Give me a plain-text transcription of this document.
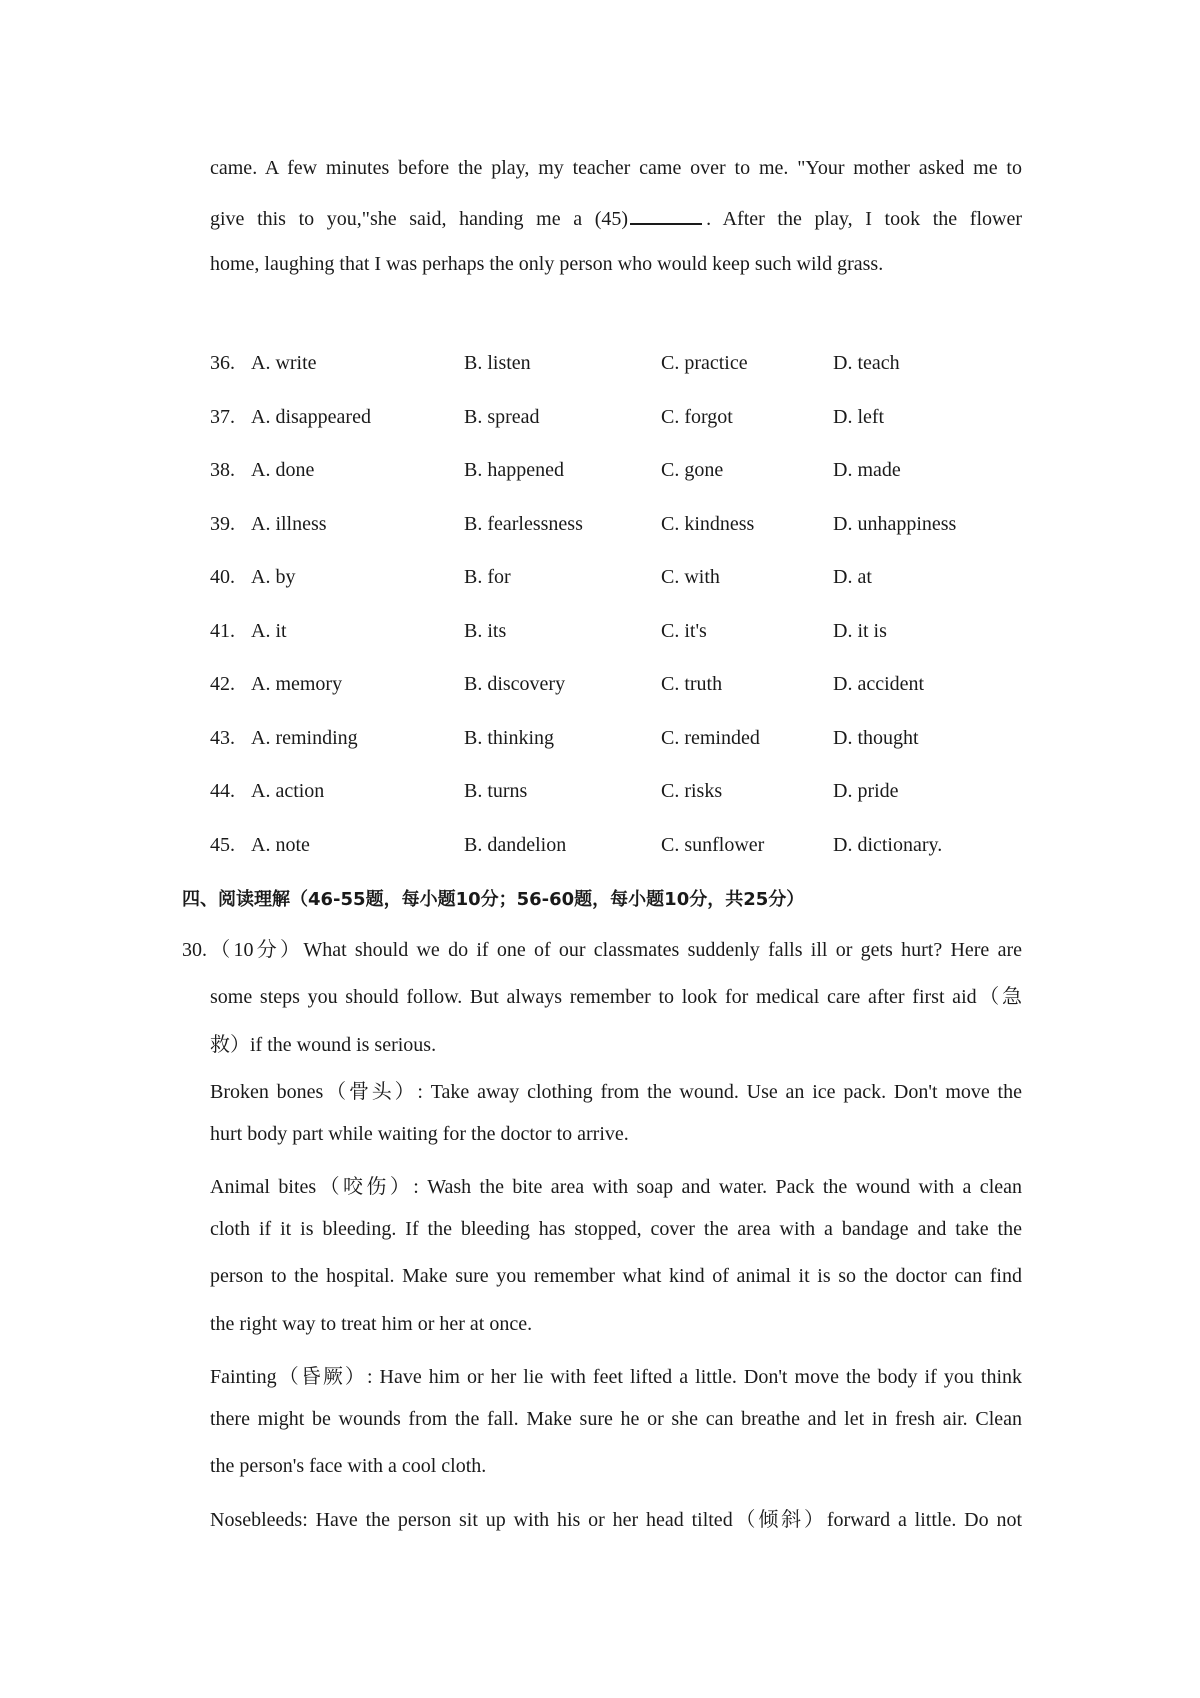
came. A few minutes before the play, my teacher came over to me. "Your mother asked me to
give this to you,"she said, handing me a (45)	. After the play, I took the flower
home, laughing that I was perhaps the only person who would keep such wild grass.
36. A. write	B. listen	C. practice	D. teach
37. A. disappeared	B. spread	C. forgot	D. left
38. A. done	B. happened	C. gone	D. made
39. A. illness	B. fearlessness	C. kindness	D. unhappiness
40. A. by	B. for	C. with	D. at
41. A. it	B. its	C. it's	D. it is
42. A. memory	B. discovery	C. truth	D. accident
43. A. reminding	B. thinking	C. reminded	D. thought
44. A. action	B. turns	C. risks	D. pride
45. A. note	B. dandelion	C. sunflower	D. dictionary.
四、阅读理解（46-55题，每小题10分；56-60题，每小题10分，共25分）
30.（10分）What should we do if one of our classmates suddenly falls ill or gets hurt? Here are
some steps you should follow. But always remember to look for medical care after first aid（急
救）if the wound is serious.
Broken bones（骨头）: Take away clothing from the wound. Use an ice pack. Don't move the
hurt body part while waiting for the doctor to arrive.
Animal bites（咬伤）: Wash the bite area with soap and water. Pack the wound with a clean
cloth if it is bleeding. If the bleeding has stopped, cover the area with a bandage and take the
person to the hospital. Make sure you remember what kind of animal it is so the doctor can find
the right way to treat him or her at once.
Fainting（昏厥）: Have him or her lie with feet lifted a little. Don't move the body if you think
there might be wounds from the fall. Make sure he or she can breathe and let in fresh air. Clean
the person's face with a cool cloth.
Nosebleeds: Have the person sit up with his or her head tilted（倾斜）forward a little. Do not
